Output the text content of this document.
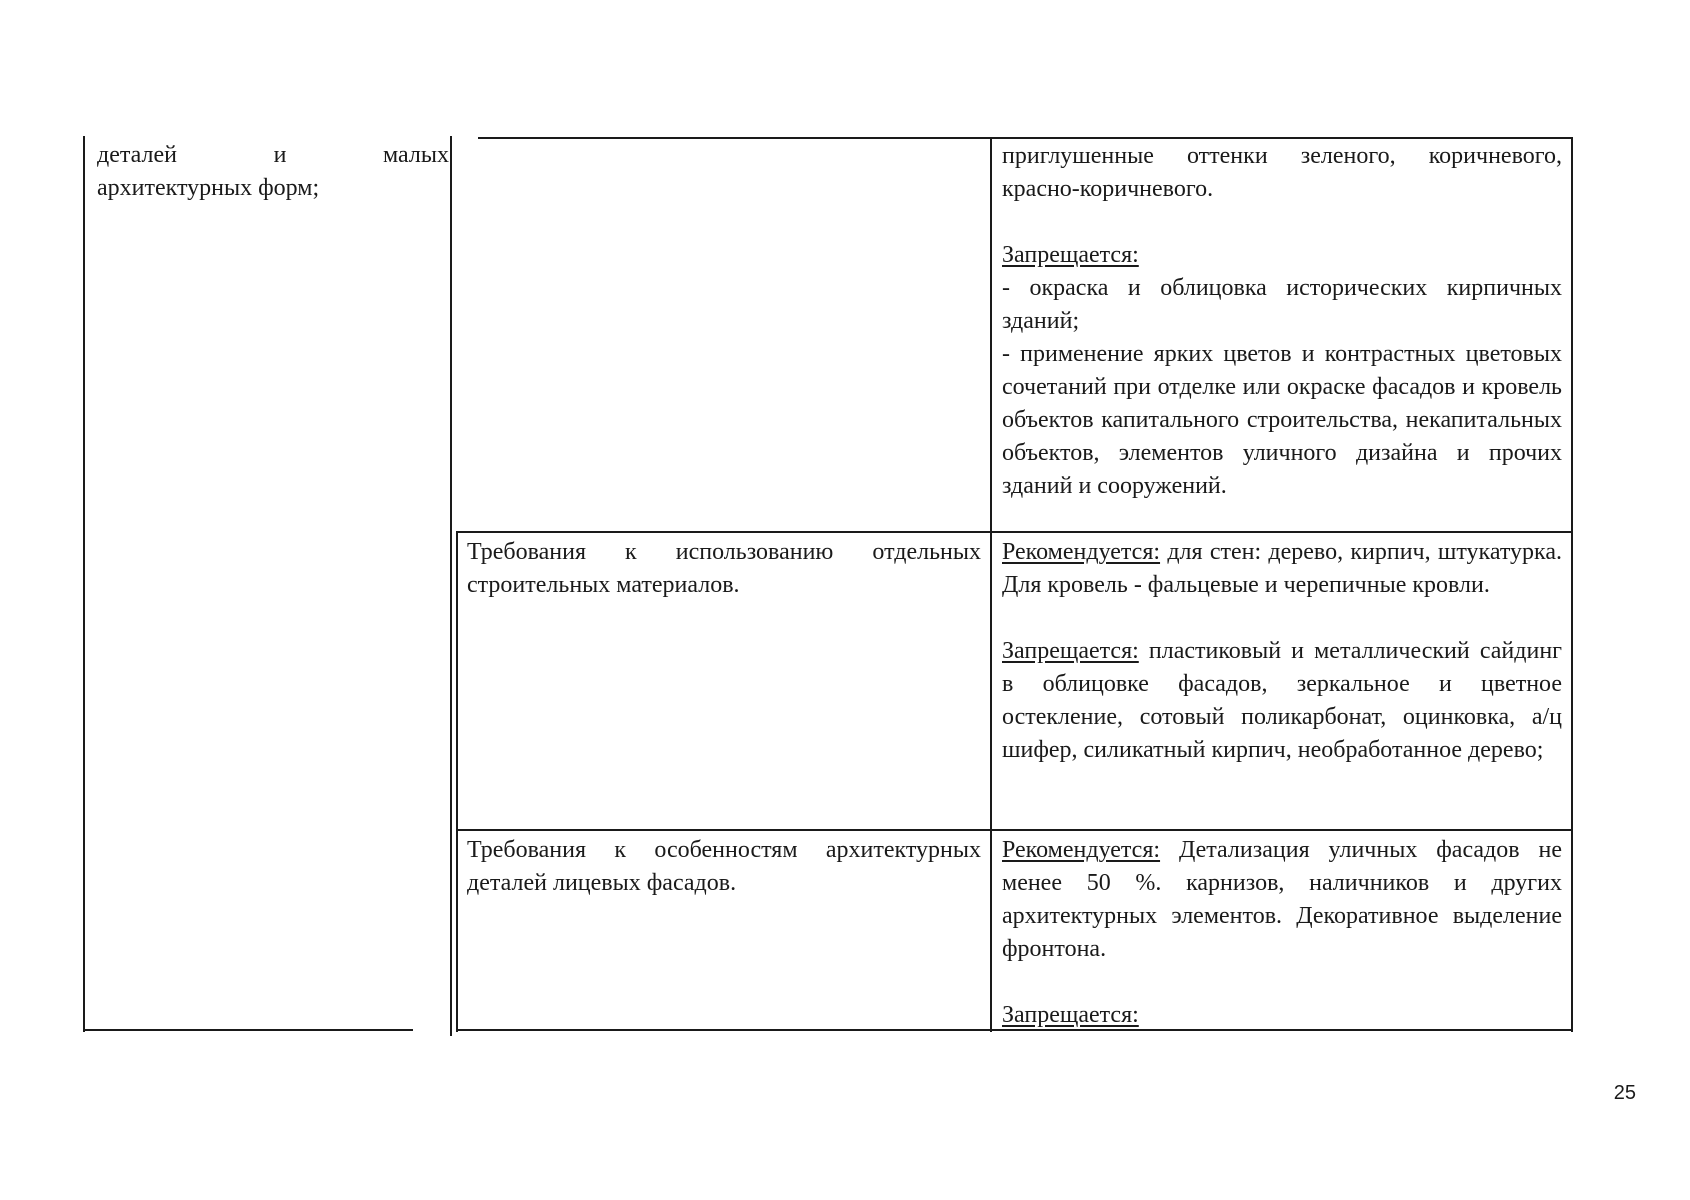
деталей и малых

архитектурных форм;

приглушенные оттенки зеленого, коричневого, красно-коричневого.

Запрещается:

- окраска и облицовка исторических кирпичных зданий;

- применение ярких цветов и контрастных цветовых сочетаний при отделке или окраске фасадов и кровель объектов капитального строительства, некапитальных объектов, элементов уличного дизайна и прочих зданий и сооружений.

Требования к использованию отдельных строительных материалов.

Рекомендуется: для стен: дерево, кирпич, штукатурка. Для кровель - фальцевые и черепичные кровли.

Запрещается: пластиковый и металлический сайдинг в облицовке фасадов, зеркальное и цветное остекление, сотовый поликарбонат, оцинковка, а/ц шифер, силикатный кирпич, необработанное дерево;

Требования к особенностям архитектурных деталей лицевых фасадов.

Рекомендуется: Детализация уличных фасадов не менее 50 %. карнизов, наличников и других архитектурных элементов. Декоративное выделение фронтона.

Запрещается:

25
